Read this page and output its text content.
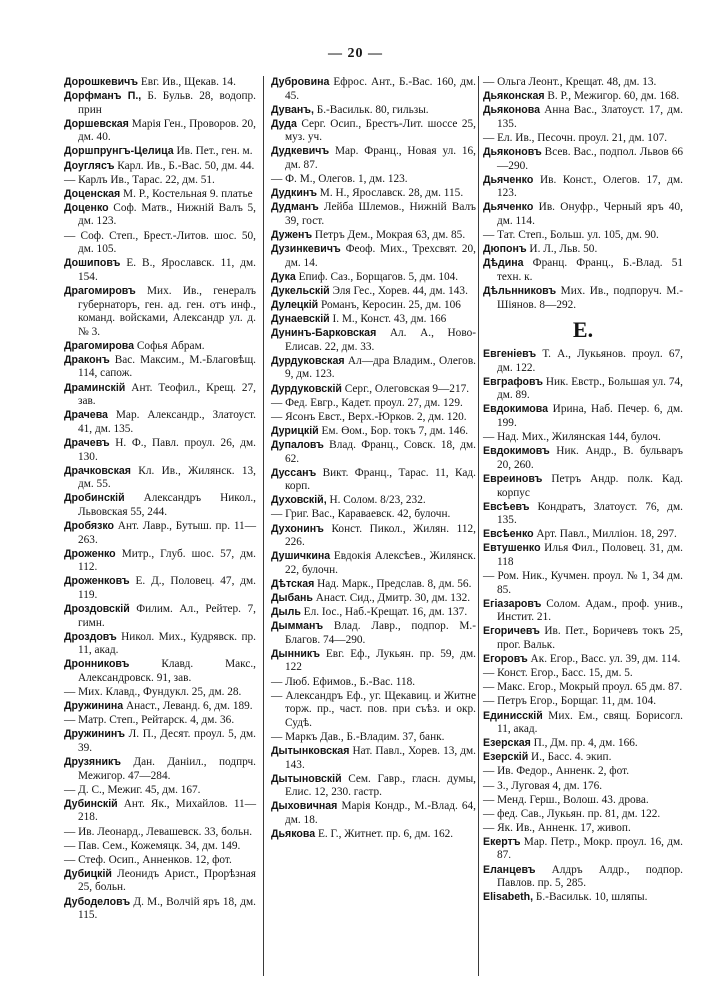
— 20 —
Дорошкевичъ Евг. Ив., Щекав. 14.
Дорфманъ П., Б. Бульв. 28, водопр. прин
Доршевская Марія Ген., Проворов. 20, дм. 40.
Доршпрунгъ-Целица Ив. Пет., ген. м.
Доуглясъ Карл. Ив., Б.-Вас. 50, дм. 44.
— Карлъ Ив., Тарас. 22, дм. 51.
Доценская М. Р., Костельная 9. платье
Доценко Соф. Матв., Нижній Валъ 5, дм. 123.
— Соф. Степ., Брест.-Литов. шос. 50, дм. 105.
Дошиповъ Е. В., Ярославск. 11, дм. 154.
Драгомировъ Мих. Ив., генералъ губернаторъ, ген. ад. ген. отъ инф., команд. войсками, Александр ул. д. № 3.
Драгомирова Софья Абрам.
Драконъ Вас. Максим., М.-Благовѣщ. 114, сапож.
Драминскій Ант. Теофил., Крещ. 27, зав.
Драчева Мар. Александр., Златоуст. 41, дм. 135.
Драчевъ Н. Ф., Павл. проул. 26, дм. 130.
Драчковская Кл. Ив., Жилянск. 13, дм. 55.
Дробинскій Александръ Никол., Львовская 55, 244.
Дробязко Ант. Лавр., Бутыш. пр. 11—263.
Дроженко Митр., Глуб. шос. 57, дм. 112.
Дроженковъ Е. Д., Половец. 47, дм. 119.
Дроздовскій Филим. Ал., Рейтер. 7, гимн.
Дроздовъ Никол. Мих., Кудрявск. пр. 11, акад.
Дронниковъ Клавд. Макс., Александровск. 91, зав.
— Мих. Клавд., Фундукл. 25, дм. 28.
Дружинина Анаст., Леванд. 6, дм. 189.
— Матр. Степ., Рейтарск. 4, дм. 36.
Дружининъ Л. П., Десят. проул. 5, дм. 39.
Друзяникъ Дан. Даніил., подпрч. Межигор. 47—284.
— Д. С., Межиг. 45, дм. 167.
Дубинскій Ант. Як., Михайлов. 11—218.
— Ив. Леонард., Левашевск. 33, больн.
— Пав. Сем., Кожемяцк. 34, дм. 149.
— Стеф. Осип., Анненков. 12, фот.
Дубицкій Леонидъ Арист., Прорѣзная 25, больн.
Дубоделовъ Д. М., Волчій яръ 18, дм. 115.
Дубровина Ефрос. Ант., Б.-Вас. 160, дм. 45.
Дуванъ, Б.-Васильк. 80, гильзы.
Дуда Серг. Осип., Брестъ-Лит. шоссе 25, муз. уч.
Дудкевичъ Мар. Франц., Новая ул. 16, дм. 87.
— Ф. М., Олегов. 1, дм. 123.
Дудкинъ М. Н., Ярославск. 28, дм. 115.
Дудманъ Лейба Шлемов., Нижній Валъ 39, гост.
Дуженъ Петръ Дем., Мокрая 63, дм. 85.
Дузинкевичъ Феоф. Мих., Трехсвят. 20, дм. 14.
Дука Епиф. Саз., Борщагов. 5, дм. 104.
Дукельскій Эля Гес., Хорев. 44, дм. 143.
Дулецкій Романъ, Керосин. 25, дм. 106
Дунаевскій І. М., Конст. 43, дм. 166
Дунинъ-Барковская Ал. А., Ново-Елисав. 22, дм. 33.
Дурдуковская Ал—дра Владим., Олегов. 9, дм. 123.
Дурдуковскій Серг., Олеговская 9—217.
— Фед. Евгр., Кадет. проул. 27, дм. 129.
— Ясонъ Евст., Верх.-Юрков. 2, дм. 120.
Дурицкій Ем. Өом., Бор. токъ 7, дм. 146.
Дупаловъ Влад. Франц., Совск. 18, дм. 62.
Дуссанъ Викт. Франц., Тарас. 11, Кад. корп.
Духовскій, Н. Солом. 8/23, 232.
— Григ. Вас., Караваевск. 42, булочн.
Духонинъ Конст. Пикол., Жилян. 112, 226.
Душичкина Евдокія Алексѣев., Жилянск. 22, булочн.
Дѣтская Над. Марк., Предслав. 8, дм. 56.
Дыбань Анаст. Сид., Дмитр. 30, дм. 132.
Дыль Ел. Іос., Наб.-Крещат. 16, дм. 137.
Дымманъ Влад. Лавр., подпор. М.-Благов. 74—290.
Дынникъ Евг. Еф., Лукьян. пр. 59, дм. 122
— Люб. Ефимов., Б.-Вас. 118.
— Александръ Еф., уг. Щекавиц. и Житне торж. пр., част. пов. при съѣз. и окр. Судѣ.
— Маркъ Дав., Б.-Владим. 37, банк.
Дытынковская Нат. Павл., Хорев. 13, дм. 143.
Дытыновскій Сем. Гавр., гласн. думы, Елис. 12, 230. гастр.
Дыховичная Марія Кондр., М.-Влад. 64, дм. 18.
Дьякова Е. Г., Житнет. пр. 6, дм. 162.
— Ольга Леонт., Крещат. 48, дм. 13.
Дьяконская В. Р., Межигор. 60, дм. 168.
Дьяконова Анна Вас., Златоуст. 17, дм. 135.
— Ел. Ив., Песочн. проул. 21, дм. 107.
Дьяконовъ Всев. Вас., подпол. Львов 66—290.
Дьяченко Ив. Конст., Олегов. 17, дм. 123.
Дьяченко Ив. Онуфр., Черный яръ 40, дм. 114.
— Тат. Степ., Больш. ул. 105, дм. 90.
Дюпонъ И. Л., Льв. 50.
Дѣдина Франц. Франц., Б.-Влад. 51 техн. к.
Дѣльнниковъ Мих. Ив., подпоруч. М.-Шіянов. 8—292.
Е.
Евгеніевъ Т. А., Лукьянов. проул. 67, дм. 122.
Евграфовъ Ник. Евстр., Большая ул. 74, дм. 89.
Евдокимова Ирина, Наб. Печер. 6, дм. 199.
— Над. Мих., Жилянская 144, булоч.
Евдокимовъ Ник. Андр., В. бульваръ 20, 260.
Евреиновъ Петръ Андр. полк. Кад. корпус
Евсѣевъ Кондратъ, Златоуст. 76, дм. 135.
Евсѣенко Арт. Павл., Милліон. 18, 297.
Евтушенко Илья Фил., Половец. 31, дм. 118
— Ром. Ник., Кучмен. проул. № 1, 34 дм. 85.
Егіазаровъ Солом. Адам., проф. унив., Инстит. 21.
Егоричевъ Ив. Пет., Боричевъ токъ 25, прог. Вальк.
Егоровъ Ак. Егор., Васс. ул. 39, дм. 114.
— Конст. Егор., Басс. 15, дм. 5.
— Макс. Егор., Мокрый проул. 65 дм. 87.
— Петръ Егор., Борщаг. 11, дм. 104.
Единисскій Мих. Ем., свящ. Борисогл. 11, акад.
Езерская П., Дм. пр. 4, дм. 166.
Езерскій И., Басс. 4. экип.
— Ив. Федор., Анненк. 2, фот.
— З., Луговая 4, дм. 176.
— Менд. Герш., Волош. 43. дрова.
— фед. Сав., Лукьян. пр. 81, дм. 122.
— Як. Ив., Анненк. 17, живоп.
Екертъ Мар. Петр., Мокр. проул. 16, дм. 87.
Еланцевъ Алдръ Алдр., подпор. Павлов. пр. 5, 285.
Elisabeth, Б.-Васильк. 10, шляпы.
